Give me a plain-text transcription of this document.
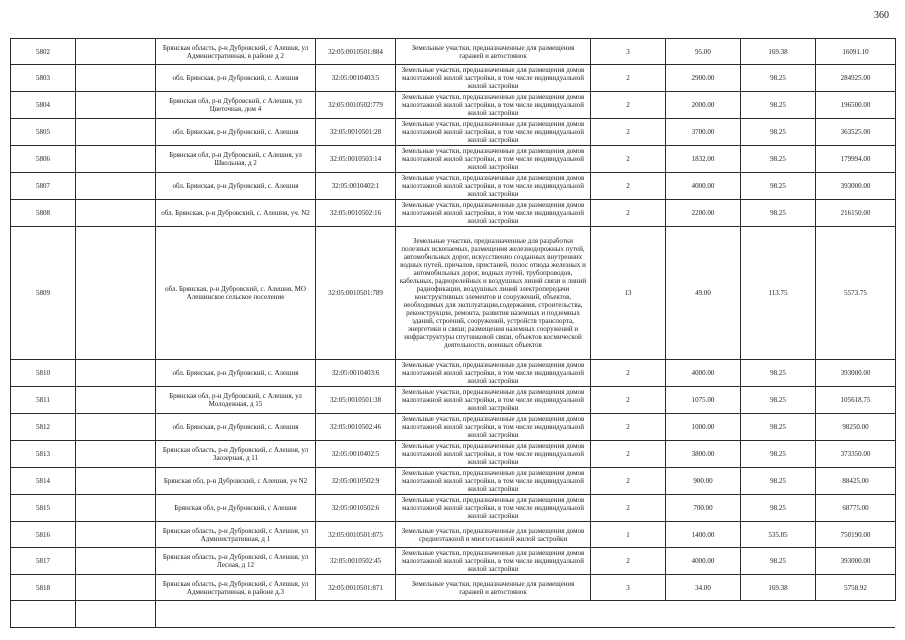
360
5802		Брянская область, р-н Дубровский, с Алешня, ул Административная, в районе д 2	32:05:0010501:884	Земельные участки, предназначенные для размещения гаражей и автостоянок	3	95.00	169.38	16091.10
5803		обл. Брянская, р-н Дубровский, с. Алешня	32:05:0010403:5	Земельные участки, предназначенные для размещения домов малоэтажной жилой застройки, в том числе индивидуальной жилой застройки	2	2900.00	98.25	284925.00
5804		Брянская обл, р-н Дубровский, с Алешня, ул Цветочная, дом 4	32:05:0010502:779	Земельные участки, предназначенные для размещения домов малоэтажной жилой застройки, в том числе индивидуальной жилой застройки	2	2000.00	98.25	196500.00
5805		обл. Брянская, р-н Дубровский, с. Алешня	32:05:0010501:28	Земельные участки, предназначенные для размещения домов малоэтажной жилой застройки, в том числе индивидуальной жилой застройки	2	3700.00	98.25	363525.00
5806		Брянская обл, р-н Дубровский, с Алешня, ул Школьная, д 2	32:05:0010503:14	Земельные участки, предназначенные для размещения домов малоэтажной жилой застройки, в том числе индивидуальной жилой застройки	2	1832.00	98.25	179994.00
5807		обл. Брянская, р-н Дубровский, с. Алешня	32:05:0010402:1	Земельные участки, предназначенные для размещения домов малоэтажной жилой застройки, в том числе индивидуальной жилой застройки	2	4000.00	98.25	393000.00
5808		обл. Брянская, р-н Дубровский, с. Алешня, уч. N2	32:05:0010502:16	Земельные участки, предназначенные для размещения домов малоэтажной жилой застройки, в том числе индивидуальной жилой застройки	2	2200.00	98.25	216150.00
5809		обл. Брянская, р-н Дубровский, с. Алешня, МО Алешинское сельское поселение	32:05:0010501:789	Земельные участки, предназначенные для разработки полезных ископаемых, размещения железнодорожных путей, автомобильных дорог, искусственно созданных внутренних водных путей, причалов, пристаней, полос отвода железных и автомобильных дорог, водных путей, трубопроводов, кабельных, радиорелейных и воздушных линий связи и линий радиофикации, воздушных линий электропередачи конструктивных элементов и сооружений, объектов, необходимых для эксплуатации,содержания, строительства, реконструкции, ремонта, развития наземных и подземных зданий, строений, сооружений, устройств транспорта, энергетики и связи; размещения наземных сооружений и инфраструктуры спутниковой связи, объектов космической деятельности, военных объектов	13	49.00	113.75	5573.75
5810		обл. Брянская, р-н Дубровский, с. Алешня	32:05:0010403:6	Земельные участки, предназначенные для размещения домов малоэтажной жилой застройки, в том числе индивидуальной жилой застройки	2	4000.00	98.25	393000.00
5811		Брянская обл, р-н Дубровский, с Алешня, ул Молодежная, д 15	32:05:0010501:38	Земельные участки, предназначенные для размещения домов малоэтажной жилой застройки, в том числе индивидуальной жилой застройки	2	1075.00	98.25	105618.75
5812		обл. Брянская, р-н Дубровский, с. Алешня	32:05:0010502:46	Земельные участки, предназначенные для размещения домов малоэтажной жилой застройки, в том числе индивидуальной жилой застройки	2	1000.00	98.25	98250.00
5813		Брянская область, р-н Дубровский, с Алешня, ул Заозерная, д 11	32:05:0010402:5	Земельные участки, предназначенные для размещения домов малоэтажной жилой застройки, в том числе индивидуальной жилой застройки	2	3800.00	98.25	373350.00
5814		Брянская обл, р-н Дубровский, с Алешня, уч N2	32:05:0010502:9	Земельные участки, предназначенные для размещения домов малоэтажной жилой застройки, в том числе индивидуальной жилой застройки	2	900.00	98.25	88425.00
5815		Брянская обл, р-н Дубровский, с Алешня	32:05:0010502:6	Земельные участки, предназначенные для размещения домов малоэтажной жилой застройки, в том числе индивидуальной жилой застройки	2	700.00	98.25	68775.00
5816		Брянская область, р-н Дубровский, с Алешня, ул Административная, д 1	32:05:0010501:875	Земельные участки, предназначенные для размещения домов среднеэтажной и многоэтажной жилой застройки	1	1400.00	535.85	750190.00
5817		Брянская область, р-н Дубровский, с Алешня, ул Лесная, д 12	32:05:0010502:45	Земельные участки, предназначенные для размещения домов малоэтажной жилой застройки, в том числе индивидуальной жилой застройки	2	4000.00	98.25	393000.00
5818		Брянская область, р-н Дубровский, с Алешня, ул Административная, в районе д.3	32:05:0010501:871	Земельные участки, предназначенные для размещения гаражей и автостоянок	3	34.00	169.38	5758.92
